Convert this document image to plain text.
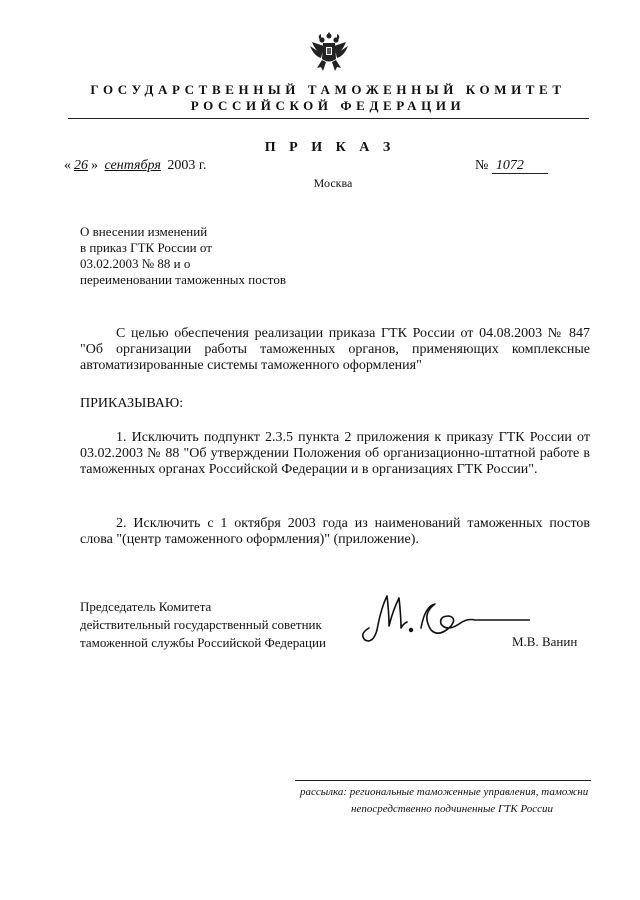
ГОСУДАРСТВЕННЫЙ ТАМОЖЕННЫЙ КОМИТЕТ
РОССИЙСКОЙ ФЕДЕРАЦИИ
П Р И К А З
« 26 » сентября 2003 г.	№ 1072
Москва
О внесении изменений
в приказ ГТК России от
03.02.2003 № 88 и о
переименовании таможенных постов
С целью обеспечения реализации приказа ГТК России от 04.08.2003 № 847 "Об организации работы таможенных органов, применяющих комплексные автоматизированные системы таможенного оформления"
ПРИКАЗЫВАЮ:
1. Исключить подпункт 2.3.5 пункта 2 приложения к приказу ГТК России от 03.02.2003 № 88 "Об утверждении Положения об организационно-штатной работе в таможенных органах Российской Федерации и в организациях ГТК России".
2. Исключить с 1 октября 2003 года из наименований таможенных постов слова "(центр таможенного оформления)" (приложение).
Председатель Комитета
действительный государственный советник
таможенной службы Российской Федерации	М.В. Ванин
рассылка: региональные таможенные управления, таможни
непосредственно подчиненные ГТК России
